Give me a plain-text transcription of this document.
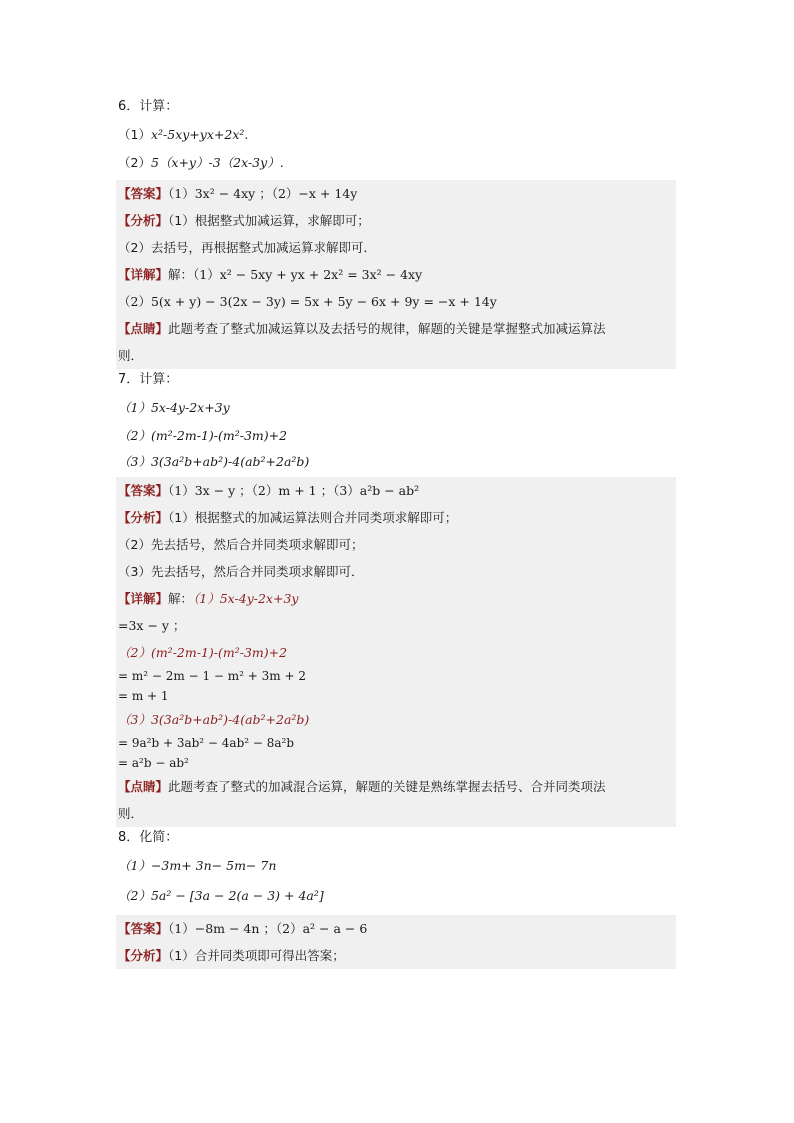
6．计算：
（1）x²-5xy+yx+2x².
（2）5（x+y）-3（2x-3y）.
【答案】（1）3x² − 4xy ；（2）−x + 14y
【分析】（1）根据整式加减运算，求解即可；
（2）去括号，再根据整式加减运算求解即可．
【详解】解：（1）x² − 5xy + yx + 2x² = 3x² − 4xy
（2）5(x + y) − 3(2x − 3y) = 5x + 5y − 6x + 9y = −x + 14y
【点睛】此题考查了整式加减运算以及去括号的规律，解题的关键是掌握整式加减运算法
则．
7．计算：
（1）5x-4y-2x+3y
（2）(m²-2m-1)-(m²-3m)+2
（3）3(3a²b+ab²)-4(ab²+2a²b)
【答案】（1）3x − y ；（2）m + 1 ；（3）a²b − ab²
【分析】（1）根据整式的加减运算法则合并同类项求解即可；
（2）先去括号，然后合并同类项求解即可；
（3）先去括号，然后合并同类项求解即可．
【详解】解：（1）5x-4y-2x+3y
=3x − y ；
（2）(m²-2m-1)-(m²-3m)+2
= m² − 2m − 1 − m² + 3m + 2
= m + 1
（3）3(3a²b+ab²)-4(ab²+2a²b)
= 9a²b + 3ab² − 4ab² − 8a²b
= a²b − ab²
【点睛】此题考查了整式的加减混合运算，解题的关键是熟练掌握去括号、合并同类项法
则．
8．化简：
（1）−3m+ 3n− 5m− 7n
（2）5a² − [3a − 2(a − 3) + 4a²]
【答案】（1）−8m − 4n ；（2）a² − a − 6
【分析】（1）合并同类项即可得出答案；
